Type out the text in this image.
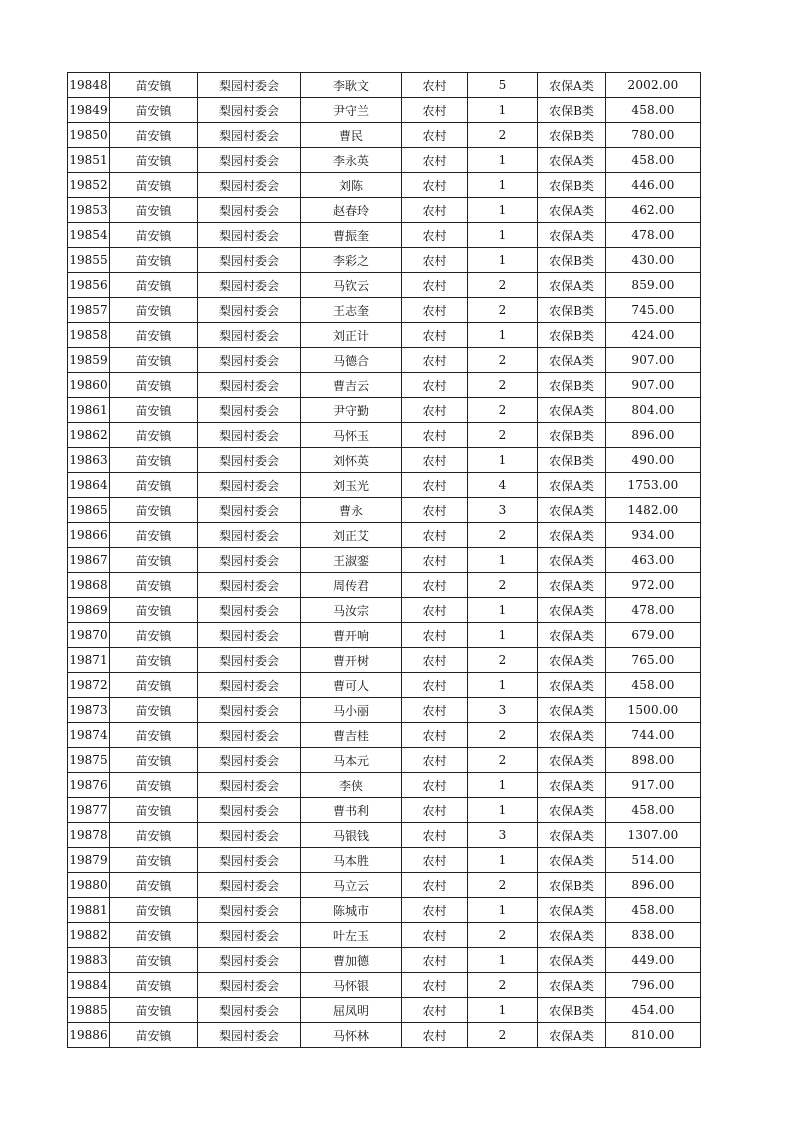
19848	苗安镇	梨园村委会	李耿文	农村	5	农保A类	2002.00
19849	苗安镇	梨园村委会	尹守兰	农村	1	农保B类	458.00
19850	苗安镇	梨园村委会	曹民	农村	2	农保B类	780.00
19851	苗安镇	梨园村委会	李永英	农村	1	农保A类	458.00
19852	苗安镇	梨园村委会	刘陈	农村	1	农保B类	446.00
19853	苗安镇	梨园村委会	赵春玲	农村	1	农保A类	462.00
19854	苗安镇	梨园村委会	曹振奎	农村	1	农保A类	478.00
19855	苗安镇	梨园村委会	李彩之	农村	1	农保B类	430.00
19856	苗安镇	梨园村委会	马钦云	农村	2	农保A类	859.00
19857	苗安镇	梨园村委会	王志奎	农村	2	农保B类	745.00
19858	苗安镇	梨园村委会	刘正计	农村	1	农保B类	424.00
19859	苗安镇	梨园村委会	马德合	农村	2	农保A类	907.00
19860	苗安镇	梨园村委会	曹吉云	农村	2	农保B类	907.00
19861	苗安镇	梨园村委会	尹守勤	农村	2	农保A类	804.00
19862	苗安镇	梨园村委会	马怀玉	农村	2	农保B类	896.00
19863	苗安镇	梨园村委会	刘怀英	农村	1	农保B类	490.00
19864	苗安镇	梨园村委会	刘玉光	农村	4	农保A类	1753.00
19865	苗安镇	梨园村委会	曹永	农村	3	农保A类	1482.00
19866	苗安镇	梨园村委会	刘正艾	农村	2	农保A类	934.00
19867	苗安镇	梨园村委会	王淑銮	农村	1	农保A类	463.00
19868	苗安镇	梨园村委会	周传君	农村	2	农保A类	972.00
19869	苗安镇	梨园村委会	马汝宗	农村	1	农保A类	478.00
19870	苗安镇	梨园村委会	曹开响	农村	1	农保A类	679.00
19871	苗安镇	梨园村委会	曹开树	农村	2	农保A类	765.00
19872	苗安镇	梨园村委会	曹可人	农村	1	农保A类	458.00
19873	苗安镇	梨园村委会	马小丽	农村	3	农保A类	1500.00
19874	苗安镇	梨园村委会	曹吉桂	农村	2	农保A类	744.00
19875	苗安镇	梨园村委会	马本元	农村	2	农保A类	898.00
19876	苗安镇	梨园村委会	李侠	农村	1	农保A类	917.00
19877	苗安镇	梨园村委会	曹书利	农村	1	农保A类	458.00
19878	苗安镇	梨园村委会	马银钱	农村	3	农保A类	1307.00
19879	苗安镇	梨园村委会	马本胜	农村	1	农保A类	514.00
19880	苗安镇	梨园村委会	马立云	农村	2	农保B类	896.00
19881	苗安镇	梨园村委会	陈城市	农村	1	农保A类	458.00
19882	苗安镇	梨园村委会	叶左玉	农村	2	农保A类	838.00
19883	苗安镇	梨园村委会	曹加德	农村	1	农保A类	449.00
19884	苗安镇	梨园村委会	马怀银	农村	2	农保A类	796.00
19885	苗安镇	梨园村委会	屈凤明	农村	1	农保B类	454.00
19886	苗安镇	梨园村委会	马怀林	农村	2	农保A类	810.00
